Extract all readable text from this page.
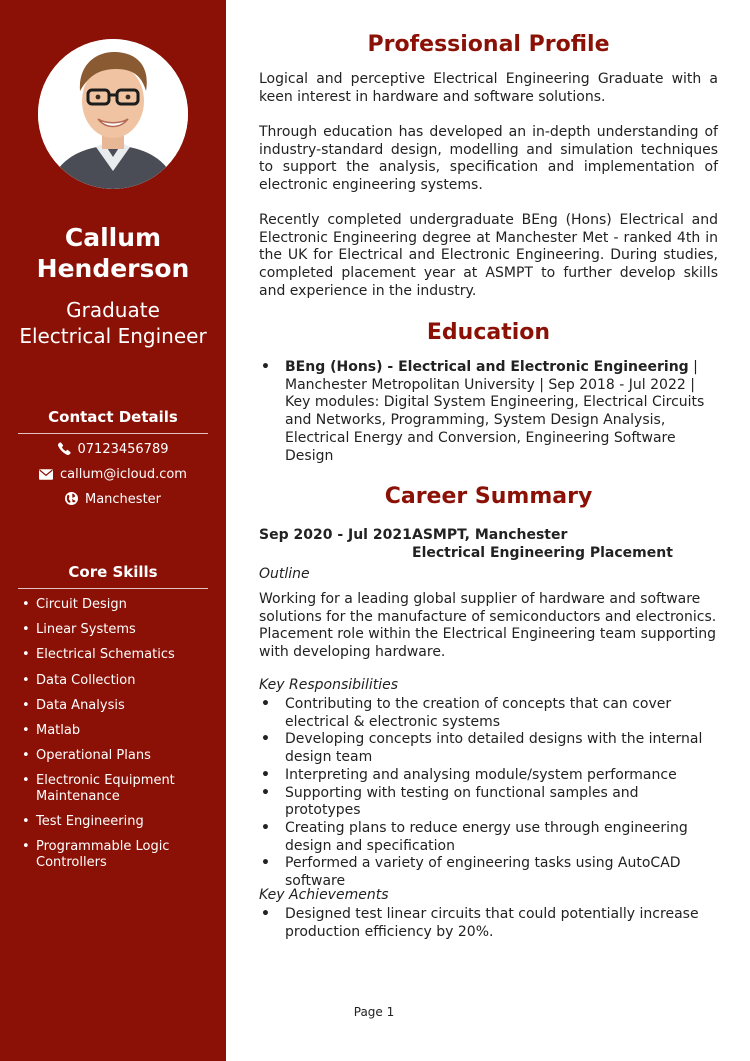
Callum
Henderson
Graduate
Electrical Engineer
Contact Details
07123456789
callum@icloud.com
Manchester
Core Skills
• Circuit Design
• Linear Systems
• Electrical Schematics
• Data Collection
• Data Analysis
• Matlab
• Operational Plans
• Electronic Equipment Maintenance
• Test Engineering
• Programmable Logic Controllers
Professional Profile

Logical and perceptive Electrical Engineering Graduate with a keen interest in hardware and software solutions.

Through education has developed an in-depth understanding of industry-standard design, modelling and simulation techniques to support the analysis, specification and implementation of electronic engineering systems.

Recently completed undergraduate BEng (Hons) Electrical and Electronic Engineering degree at Manchester Met - ranked 4th in the UK for Electrical and Electronic Engineering. During studies, completed placement year at ASMPT to further develop skills and experience in the industry.

Education
• BEng (Hons) - Electrical and Electronic Engineering | Manchester Metropolitan University | Sep 2018 - Jul 2022 | Key modules: Digital System Engineering, Electrical Circuits and Networks, Programming, System Design Analysis, Electrical Energy and Conversion, Engineering Software Design
Career Summary
Sep 2020 - Jul 2021 ASMPT, Manchester
Electrical Engineering Placement
Outline

Working for a leading global supplier of hardware and software solutions for the manufacture of semiconductors and electronics. Placement role within the Electrical Engineering team supporting with developing hardware.

Key Responsibilities
• Contributing to the creation of concepts that can cover electrical & electronic systems
• Developing concepts into detailed designs with the internal design team
• Interpreting and analysing module/system performance
• Supporting with testing on functional samples and prototypes
• Creating plans to reduce energy use through engineering design and specification
• Performed a variety of engineering tasks using AutoCAD software
Key Achievements
• Designed test linear circuits that could potentially increase production efficiency by 20%.
Page 1
